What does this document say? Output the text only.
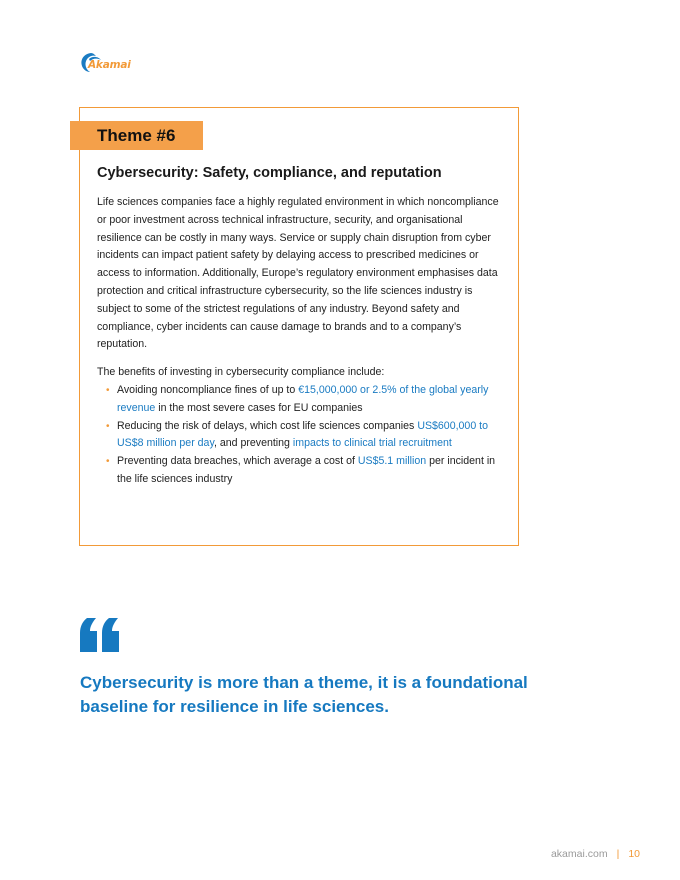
Akamai
Theme #6
Cybersecurity: Safety, compliance, and reputation

Life sciences companies face a highly regulated environment in which noncompliance or poor investment across technical infrastructure, security, and organisational resilience can be costly in many ways. Service or supply chain disruption from cyber incidents can impact patient safety by delaying access to prescribed medicines or access to information. Additionally, Europe’s regulatory environment emphasises data protection and critical infrastructure cybersecurity, so the life sciences industry is subject to some of the strictest regulations of any industry. Beyond safety and compliance, cyber incidents can cause damage to brands and to a company’s reputation.

The benefits of investing in cybersecurity compliance include:

• Avoiding noncompliance fines of up to €15,000,000 or 2.5% of the global yearly revenue in the most severe cases for EU companies
• Reducing the risk of delays, which cost life sciences companies US$600,000 to US$8 million per day, and preventing impacts to clinical trial recruitment
• Preventing data breaches, which average a cost of US$5.1 million per incident in the life sciences industry

Cybersecurity is more than a theme, it is a foundational baseline for resilience in life sciences.

akamai.com | 10
